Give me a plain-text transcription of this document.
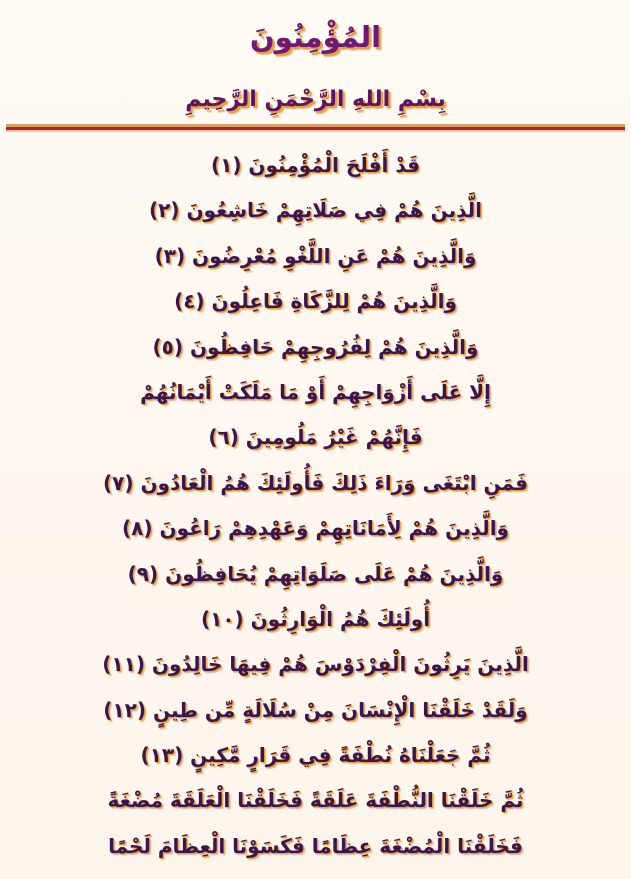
المُؤْمِنُونَ
بِسْمِ اللهِ الرَّحْمَنِ الرَّحِيمِ
قَدْ أَفْلَحَ الْمُؤْمِنُونَ (١)
الَّذِينَ هُمْ فِي صَلَاتِهِمْ خَاشِعُونَ (٢)
وَالَّذِينَ هُمْ عَنِ اللَّغْوِ مُعْرِضُونَ (٣)
وَالَّذِينَ هُمْ لِلزَّكَاةِ فَاعِلُونَ (٤)
وَالَّذِينَ هُمْ لِفُرُوجِهِمْ حَافِظُونَ (٥)
إِلَّا عَلَى أَزْوَاجِهِمْ أَوْ مَا مَلَكَتْ أَيْمَانُهُمْ
فَإِنَّهُمْ غَيْرُ مَلُومِينَ (٦)
فَمَنِ ابْتَغَى وَرَاءَ ذَلِكَ فَأُولَئِكَ هُمُ الْعَادُونَ (٧)
وَالَّذِينَ هُمْ لِأَمَانَاتِهِمْ وَعَهْدِهِمْ رَاعُونَ (٨)
وَالَّذِينَ هُمْ عَلَى صَلَوَاتِهِمْ يُحَافِظُونَ (٩)
أُولَئِكَ هُمُ الْوَارِثُونَ (١٠)
الَّذِينَ يَرِثُونَ الْفِرْدَوْسَ هُمْ فِيهَا خَالِدُونَ (١١)
وَلَقَدْ خَلَقْنَا الْإِنْسَانَ مِنْ سُلَالَةٍ مِّن طِينٍ (١٢)
ثُمَّ جَعَلْنَاهُ نُطْفَةً فِي قَرَارٍ مَّكِينٍ (١٣)
ثُمَّ خَلَقْنَا النُّطْفَةَ عَلَقَةً فَخَلَقْنَا الْعَلَقَةَ مُضْغَةً
فَخَلَقْنَا الْمُضْغَةَ عِظَامًا فَكَسَوْنَا الْعِظَامَ لَحْمًا
